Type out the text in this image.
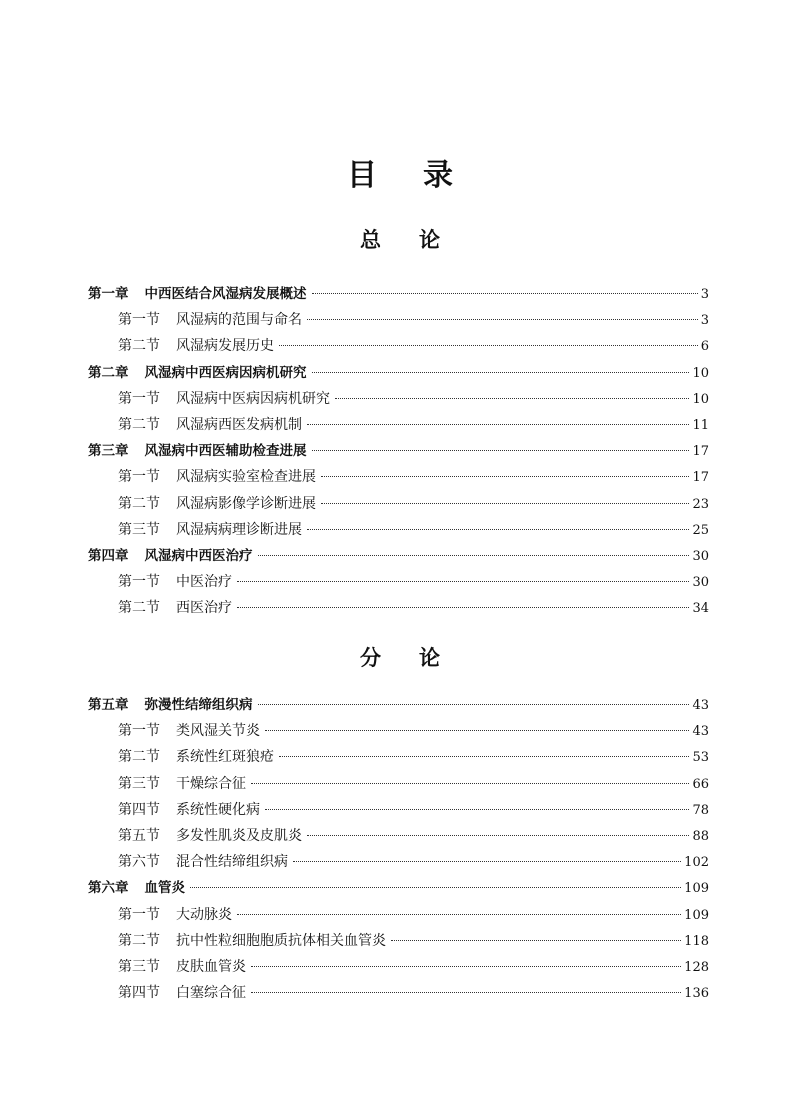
目录
总论
第一章 中西医结合风湿病发展概述	3
第一节 风湿病的范围与命名	3
第二节 风湿病发展历史	6
第二章 风湿病中西医病因病机研究	10
第一节 风湿病中医病因病机研究	10
第二节 风湿病西医发病机制	11
第三章 风湿病中西医辅助检查进展	17
第一节 风湿病实验室检查进展	17
第二节 风湿病影像学诊断进展	23
第三节 风湿病病理诊断进展	25
第四章 风湿病中西医治疗	30
第一节 中医治疗	30
第二节 西医治疗	34
分论
第五章 弥漫性结缔组织病	43
第一节 类风湿关节炎	43
第二节 系统性红斑狼疮	53
第三节 干燥综合征	66
第四节 系统性硬化病	78
第五节 多发性肌炎及皮肌炎	88
第六节 混合性结缔组织病	102
第六章 血管炎	109
第一节 大动脉炎	109
第二节 抗中性粒细胞胞质抗体相关血管炎	118
第三节 皮肤血管炎	128
第四节 白塞综合征	136
